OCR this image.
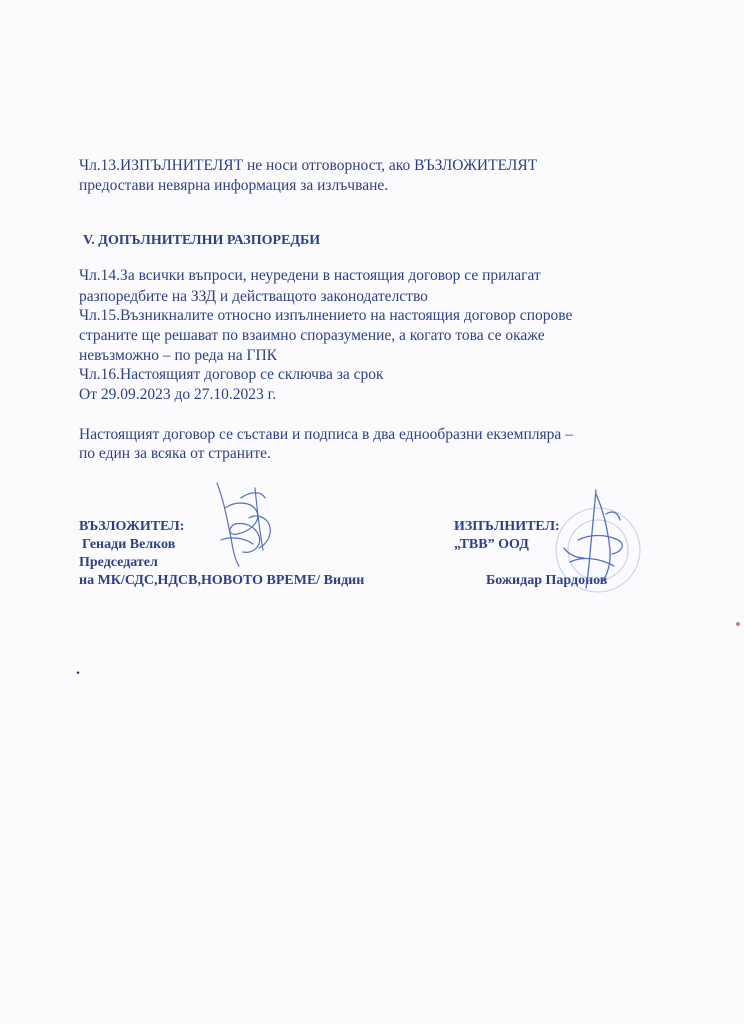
Чл.13.ИЗПЪЛНИТЕЛЯТ не носи отговорност, ако ВЪЗЛОЖИТЕЛЯТ
предостави невярна информация за излъчване.
V. ДОПЪЛНИТЕЛНИ РАЗПОРЕДБИ
Чл.14.За всички въпроси, неуредени в настоящия договор се прилагат
разпоредбите на ЗЗД и действащото законодателство
Чл.15.Възникналите относно изпълнението на настоящия договор спорове
страните ще решават по взаимно споразумение, а когато това се окаже
невъзможно – по реда на ГПК
Чл.16.Настоящият договор се сключва за срок
От 29.09.2023 до 27.10.2023 г.
Настоящият договор се състави и подписа в два еднообразни екземпляра –
по един за всяка от страните.
ВЪЗЛОЖИТЕЛ:
Генади Велков
Председател
на МК/СДС,НДСВ,НОВОТО ВРЕМЕ/ Видин
ИЗПЪЛНИТЕЛ:
„ТВВ” ООД
Божидар Пардонов
.
